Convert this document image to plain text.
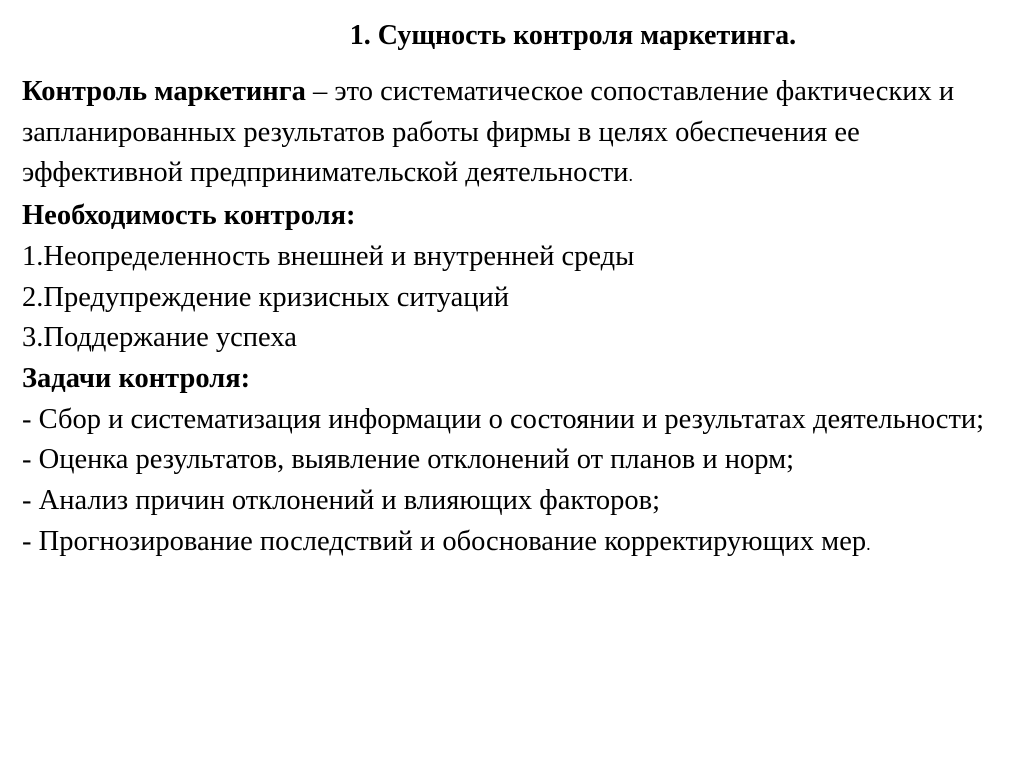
1. Сущность контроля маркетинга.

Контроль маркетинга – это систематическое сопоставление фактических и запланированных результатов работы фирмы в целях обеспечения ее эффективной предпринимательской деятельности.

Необходимость контроля:
1.Неопределенность внешней и внутренней среды
2.Предупреждение кризисных ситуаций
3.Поддержание успеха
Задачи контроля:
- Сбор и систематизация информации о состоянии и результатах деятельности;
- Оценка результатов, выявление отклонений от планов и норм;
- Анализ причин отклонений и влияющих факторов;

- Прогнозирование последствий и обоснование корректирующих мер.
